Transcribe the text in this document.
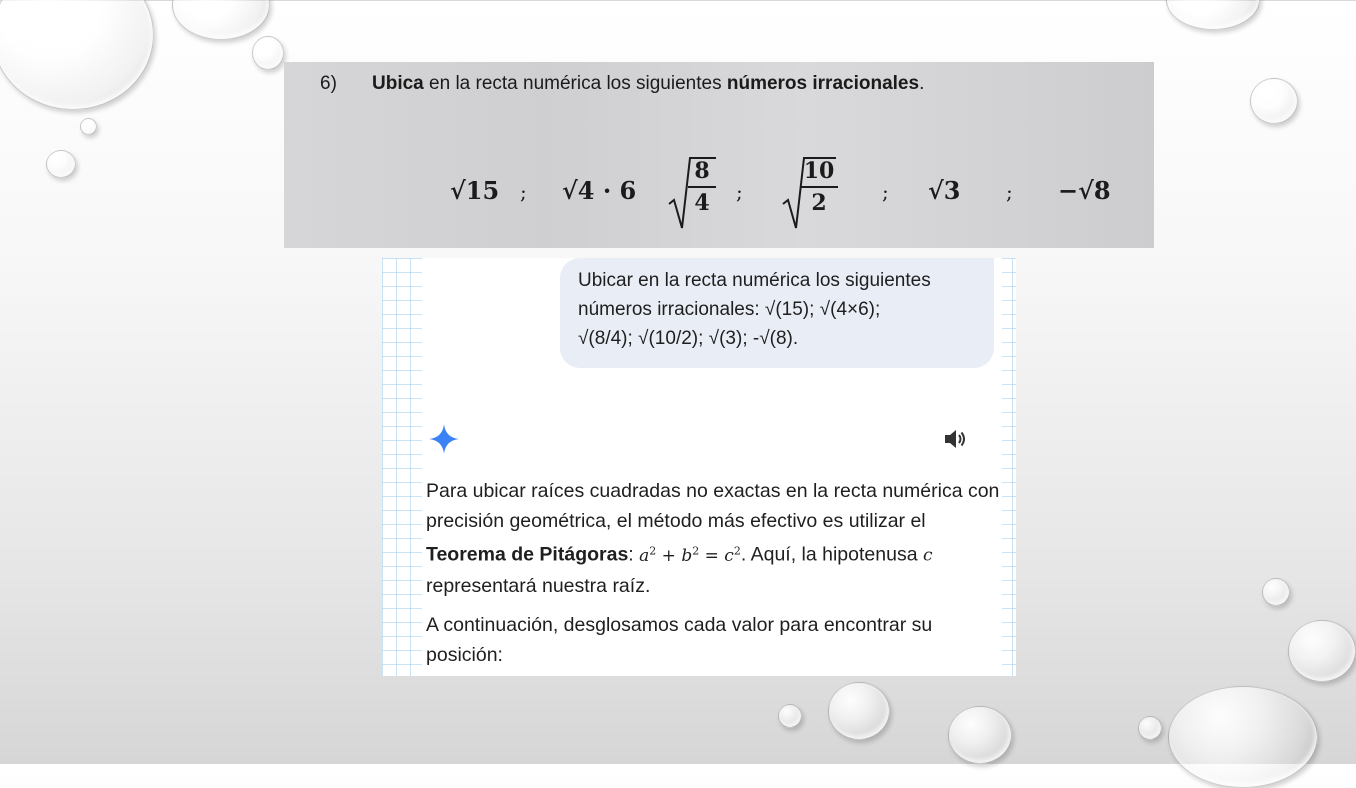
6) Ubica en la recta numérica los siguientes números irracionales.
√15 ; √4 · 6
8
4	;
10
2	; √3 ; −√8
Ubicar en la recta numérica los siguientes
números irracionales: √(15); √(4×6);
√(8/4); √(10/2); √(3); -√(8).

Para ubicar raíces cuadradas no exactas en la recta numérica con precisión geométrica, el método más efectivo es utilizar el Teorema de Pitágoras: $a^2 + b^2 = c^2$. Aquí, la hipotenusa c representará nuestra raíz.

A continuación, desglosamos cada valor para encontrar su posición:
